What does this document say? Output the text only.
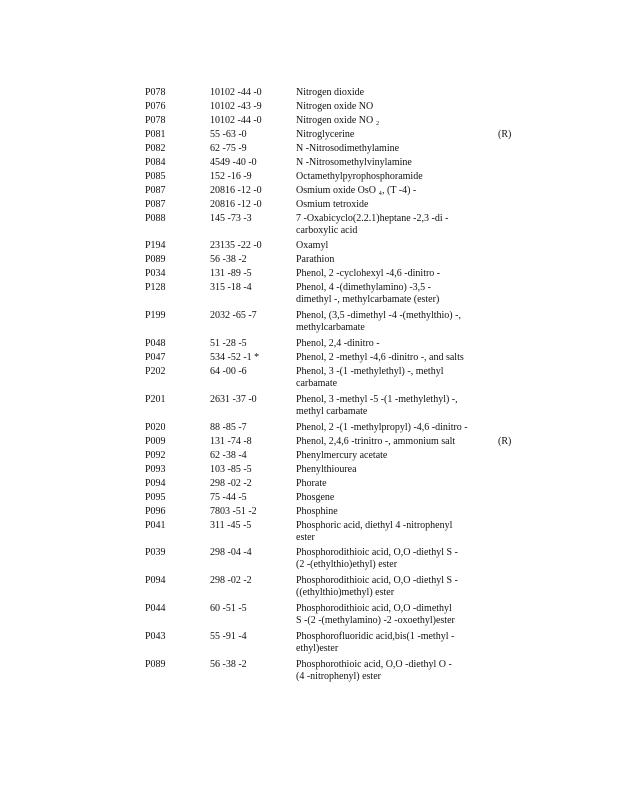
P078	10102 -44 -0	Nitrogen dioxide
P076	10102 -43 -9	Nitrogen oxide NO
P078	10102 -44 -0	Nitrogen oxide NO ₂
P081	55 -63 -0	Nitroglycerine	(R)
P082	62 -75 -9	N -Nitrosodimethylamine
P084	4549 -40 -0	N -Nitrosomethylvinylamine
P085	152 -16 -9	Octamethylpyrophosphoramide
P087	20816 -12 -0	Osmium oxide OsO ₄, (T -4) -
P087	20816 -12 -0	Osmium tetroxide
P088	145 -73 -3	7 -Oxabicyclo(2.2.1)heptane -2,3 -di -
carboxylic acid
P194	23135 -22 -0	Oxamyl
P089	56 -38 -2	Parathion
P034	131 -89 -5	Phenol, 2 -cyclohexyl -4,6 -dinitro -
P128	315 -18 -4	Phenol, 4 -(dimethylamino) -3,5 -
dimethyl -, methylcarbamate (ester)
P199	2032 -65 -7	Phenol, (3,5 -dimethyl -4 -(methylthio) -,
methylcarbamate
P048	51 -28 -5	Phenol, 2,4 -dinitro -
P047	534 -52 -1 *	Phenol, 2 -methyl -4,6 -dinitro -, and salts
P202	64 -00 -6	Phenol, 3 -(1 -methylethyl) -, methyl
carbamate
P201	2631 -37 -0	Phenol, 3 -methyl -5 -(1 -methylethyl) -,
methyl carbamate
P020	88 -85 -7	Phenol, 2 -(1 -methylpropyl) -4,6 -dinitro -
P009	131 -74 -8	Phenol, 2,4,6 -trinitro -, ammonium salt	(R)
P092	62 -38 -4	Phenylmercury acetate
P093	103 -85 -5	Phenylthiourea
P094	298 -02 -2	Phorate
P095	75 -44 -5	Phosgene
P096	7803 -51 -2	Phosphine
P041	311 -45 -5	Phosphoric acid, diethyl 4 -nitrophenyl
ester
P039	298 -04 -4	Phosphorodithioic acid, O,O -diethyl S -
(2 -(ethylthio)ethyl) ester
P094	298 -02 -2	Phosphorodithioic acid, O,O -diethyl S -
((ethylthio)methyl) ester
P044	60 -51 -5	Phosphorodithioic acid, O,O -dimethyl
S -(2 -(methylamino) -2 -oxoethyl)ester
P043	55 -91 -4	Phosphorofluoridic acid,bis(1 -methyl -
ethyl)ester
P089	56 -38 -2	Phosphorothioic acid, O,O -diethyl O -
(4 -nitrophenyl) ester
